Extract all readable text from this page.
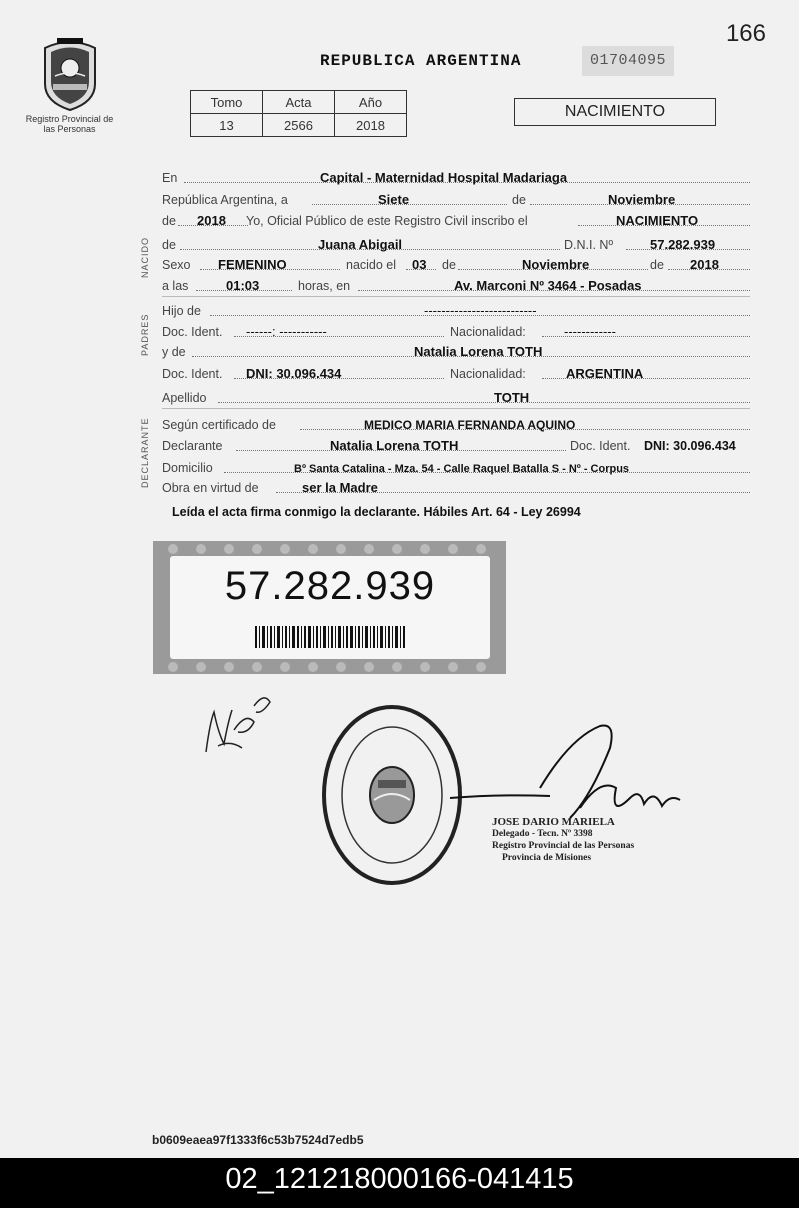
166
Registro Provincial de las Personas
REPUBLICA ARGENTINA	01704095
Tomo	Acta	Año
13	2566	2018
NACIMIENTO
En	Capital - Maternidad Hospital Madariaga
República Argentina, a	Siete	de	Noviembre
de 2018 Yo, Oficial Público de este Registro Civil inscribo el	NACIMIENTO
NACIDO de	Juana Abigail	D.N.I. Nº	57.282.939
Sexo FEMENINO	nacido el 03 de	Noviembre	de 2018
a las	01:03	horas, en	Av. Marconi Nº 3464 - Posadas
PADRES
Hijo de	--------------------------
Doc. Ident. ------: -----------	Nacionalidad:	------------
y de	Natalia Lorena TOTH
Doc. Ident. DNI: 30.096.434	Nacionalidad:	ARGENTINA
Apellido	TOTH
DECLARANTE Según certificado de	MEDICO MARIA FERNANDA AQUINO
Declarante	Natalia Lorena TOTH	Doc. Ident. DNI: 30.096.434
Domicilio	Bº Santa Catalina - Mza. 54 - Calle Raquel Batalla S - Nº - Corpus
Obra en virtud de	ser la Madre
Leída el acta firma conmigo la declarante. Hábiles Art. 64 - Ley 26994
57.282.939
JOSE DARIO MARIELA
Delegado - Tecn. Nº 3398
Registro Provincial de las Personas
Provincia de Misiones
b0609eaea97f1333f6c53b7524d7edb5
02_121218000166-041415
